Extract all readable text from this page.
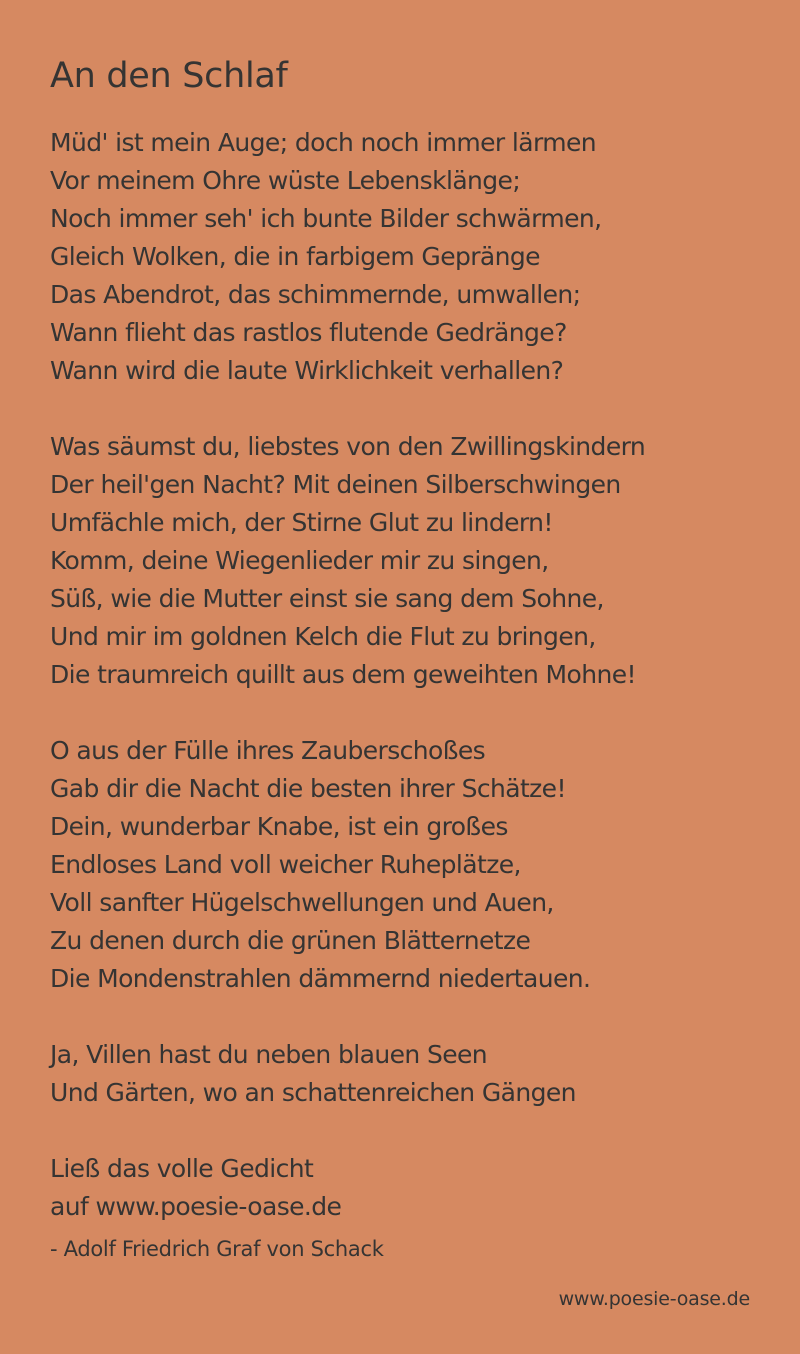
An den Schlaf
Müd' ist mein Auge; doch noch immer lärmen
Vor meinem Ohre wüste Lebensklänge;
Noch immer seh' ich bunte Bilder schwärmen,
Gleich Wolken, die in farbigem Gepränge
Das Abendrot, das schimmernde, umwallen;
Wann flieht das rastlos flutende Gedränge?
Wann wird die laute Wirklichkeit verhallen?
Was säumst du, liebstes von den Zwillingskindern
Der heil'gen Nacht? Mit deinen Silberschwingen
Umfächle mich, der Stirne Glut zu lindern!
Komm, deine Wiegenlieder mir zu singen,
Süß, wie die Mutter einst sie sang dem Sohne,
Und mir im goldnen Kelch die Flut zu bringen,
Die traumreich quillt aus dem geweihten Mohne!
O aus der Fülle ihres Zauberschoßes
Gab dir die Nacht die besten ihrer Schätze!
Dein, wunderbar Knabe, ist ein großes
Endloses Land voll weicher Ruheplätze,
Voll sanfter Hügelschwellungen und Auen,
Zu denen durch die grünen Blätternetze
Die Mondenstrahlen dämmernd niedertauen.
Ja, Villen hast du neben blauen Seen
Und Gärten, wo an schattenreichen Gängen
Ließ das volle Gedicht
auf www.poesie-oase.de
- Adolf Friedrich Graf von Schack
www.poesie-oase.de
